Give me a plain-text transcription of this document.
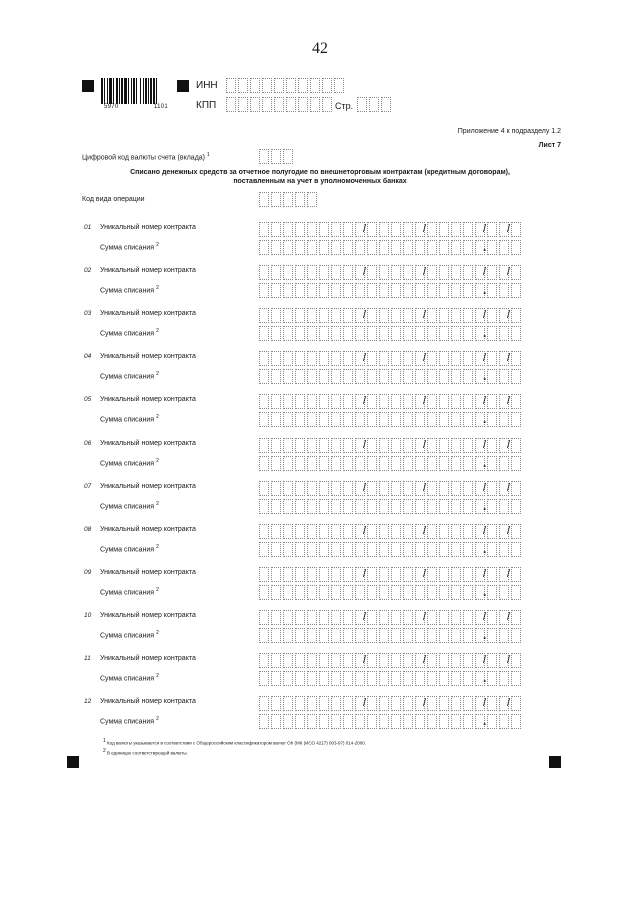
42
5970	1101
ИНН
КПП	Стр.
Приложение 4 к подразделу 1.2
Лист 7
Цифровой код валюты счета (вклада) $^1$
Списано денежных средств за отчетное полугодие по внешнеторговым контрактам (кредитным договорам),
поставленным на учет в уполномоченных банках
Код вида операции
01 Уникальный номер контракта
/
/
/
/
Сумма списания $^2$
.
02 Уникальный номер контракта
/
/
/
/
Сумма списания $^2$
.
03 Уникальный номер контракта
/
/
/
/
Сумма списания $^2$
.
04 Уникальный номер контракта
/
/
/
/
Сумма списания $^2$
.
05 Уникальный номер контракта
/
/
/
/
Сумма списания $^2$
.
06 Уникальный номер контракта
/
/
/
/
Сумма списания $^2$
.
07 Уникальный номер контракта
/
/
/
/
Сумма списания $^2$
.
08 Уникальный номер контракта
/
/
/
/
Сумма списания $^2$
.
09 Уникальный номер контракта
/
/
/
/
Сумма списания $^2$
.
10 Уникальный номер контракта
/
/
/
/
Сумма списания $^2$
.
11 Уникальный номер контракта
/
/
/
/
Сумма списания $^2$
.
12 Уникальный номер контракта
/
/
/
/
Сумма списания $^2$
.
1 Код валюты указывается в соответствии с Общероссийским классификатором валют ОК (МК (ИСО 4217) 003-97) 014-2000.
2 В единицах соответствующей валюты.
